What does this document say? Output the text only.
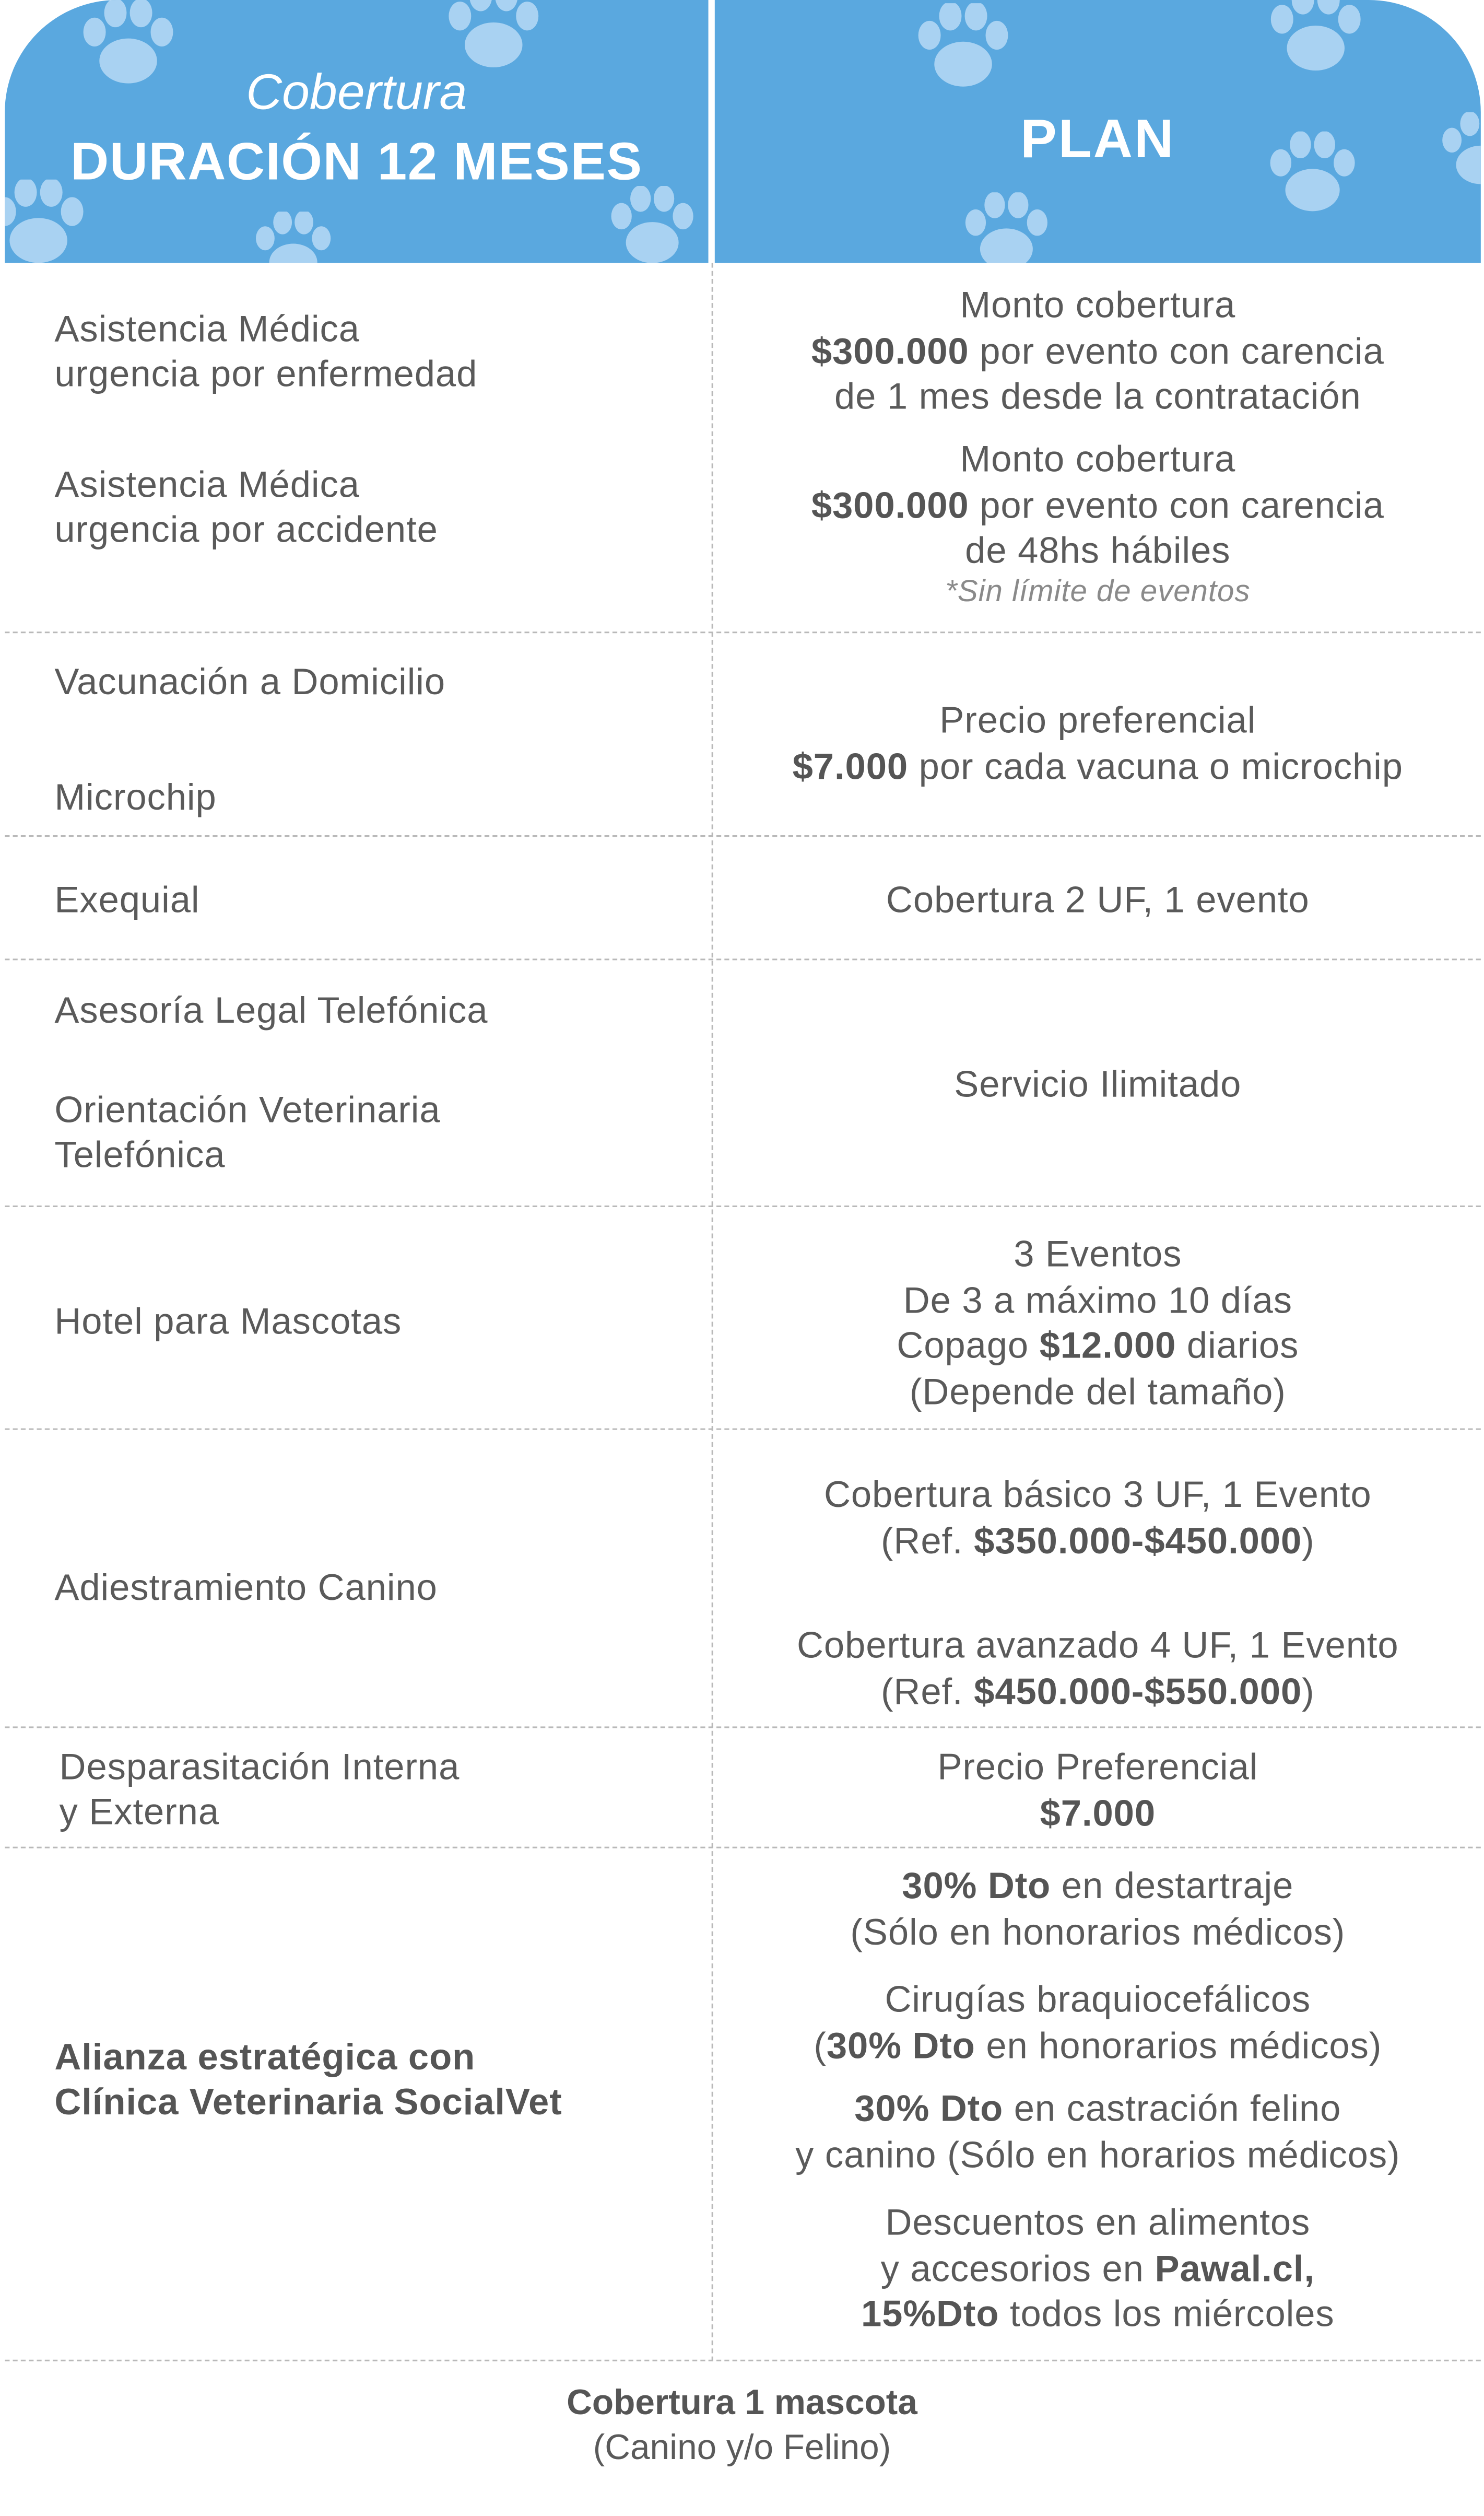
Cobertura
DURACIÓN 12 MESES	PLAN
Asistencia Médica
urgencia por enfermedad
Monto cobertura
$300.000 por evento con carencia
de 1 mes desde la contratación
Asistencia Médica
urgencia por accidente
Monto cobertura
$300.000 por evento con carencia
de 48hs hábiles
*Sin límite de eventos
Vacunación a Domicilio
Microchip
Precio preferencial
$7.000 por cada vacuna o microchip
Exequial	Cobertura 2 UF, 1 evento
Asesoría Legal Telefónica
Orientación Veterinaria
Telefónica
Servicio Ilimitado
Hotel para Mascotas
3 Eventos
De 3 a máximo 10 días
Copago $12.000 diarios
(Depende del tamaño)
Adiestramiento Canino
Cobertura básico 3 UF, 1 Evento
(Ref. $350.000-$450.000)
Cobertura avanzado 4 UF, 1 Evento
(Ref. $450.000-$550.000)
Desparasitación Interna
y Externa
Precio Preferencial
$7.000
Alianza estratégica con
Clínica Veterinaria SocialVet
30% Dto en destartraje
(Sólo en honorarios médicos)
Cirugías braquiocefálicos
(30% Dto en honorarios médicos)
30% Dto en castración felino
y canino (Sólo en horarios médicos)
Descuentos en alimentos
y accesorios en Pawal.cl,
15%Dto todos los miércoles
Cobertura 1 mascota
(Canino y/o Felino)
